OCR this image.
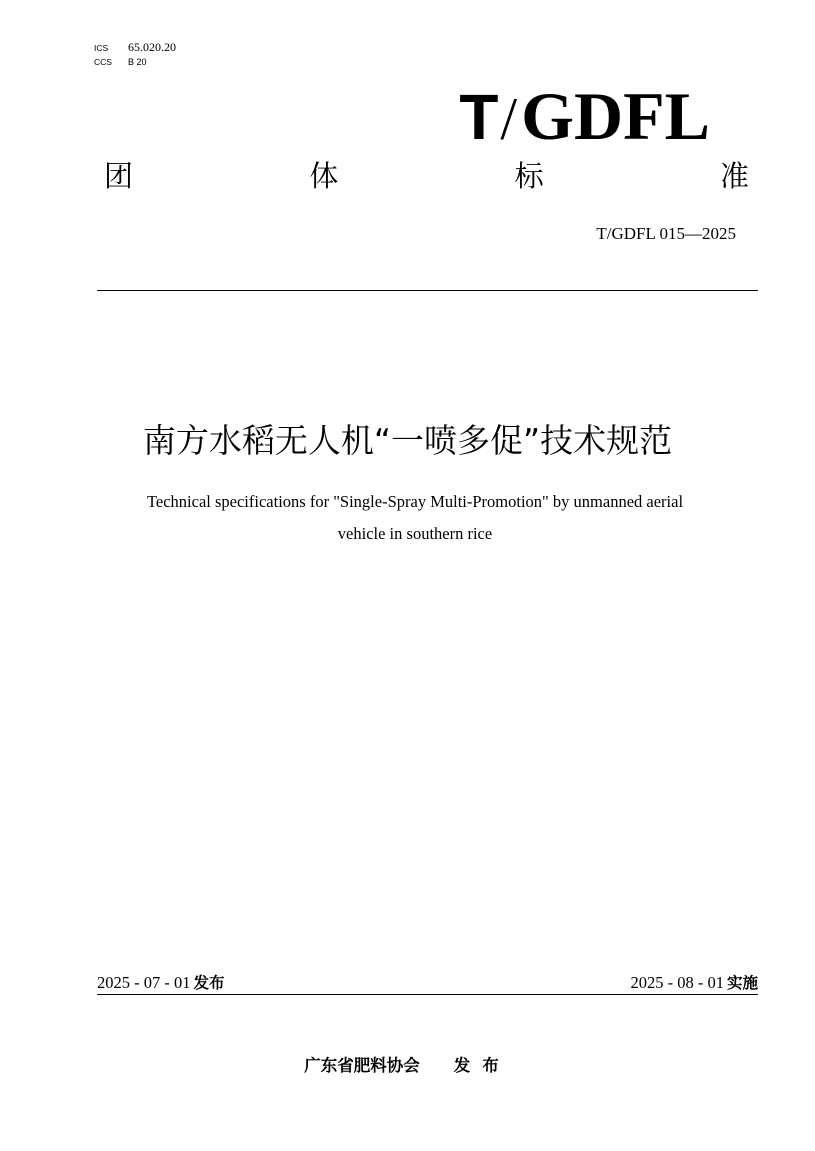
ICS	65.020.20
CCS	B 20
T/GDFL
团	体	标	准
T/GDFL 015—2025
南方水稻无人机“一喷多促”技术规范
Technical specifications for "Single-Spray Multi-Promotion" by unmanned aerial
vehicle in southern rice
2025 - 07 - 01 发布	2025 - 08 - 01 实施
广东省肥料协会 发布
